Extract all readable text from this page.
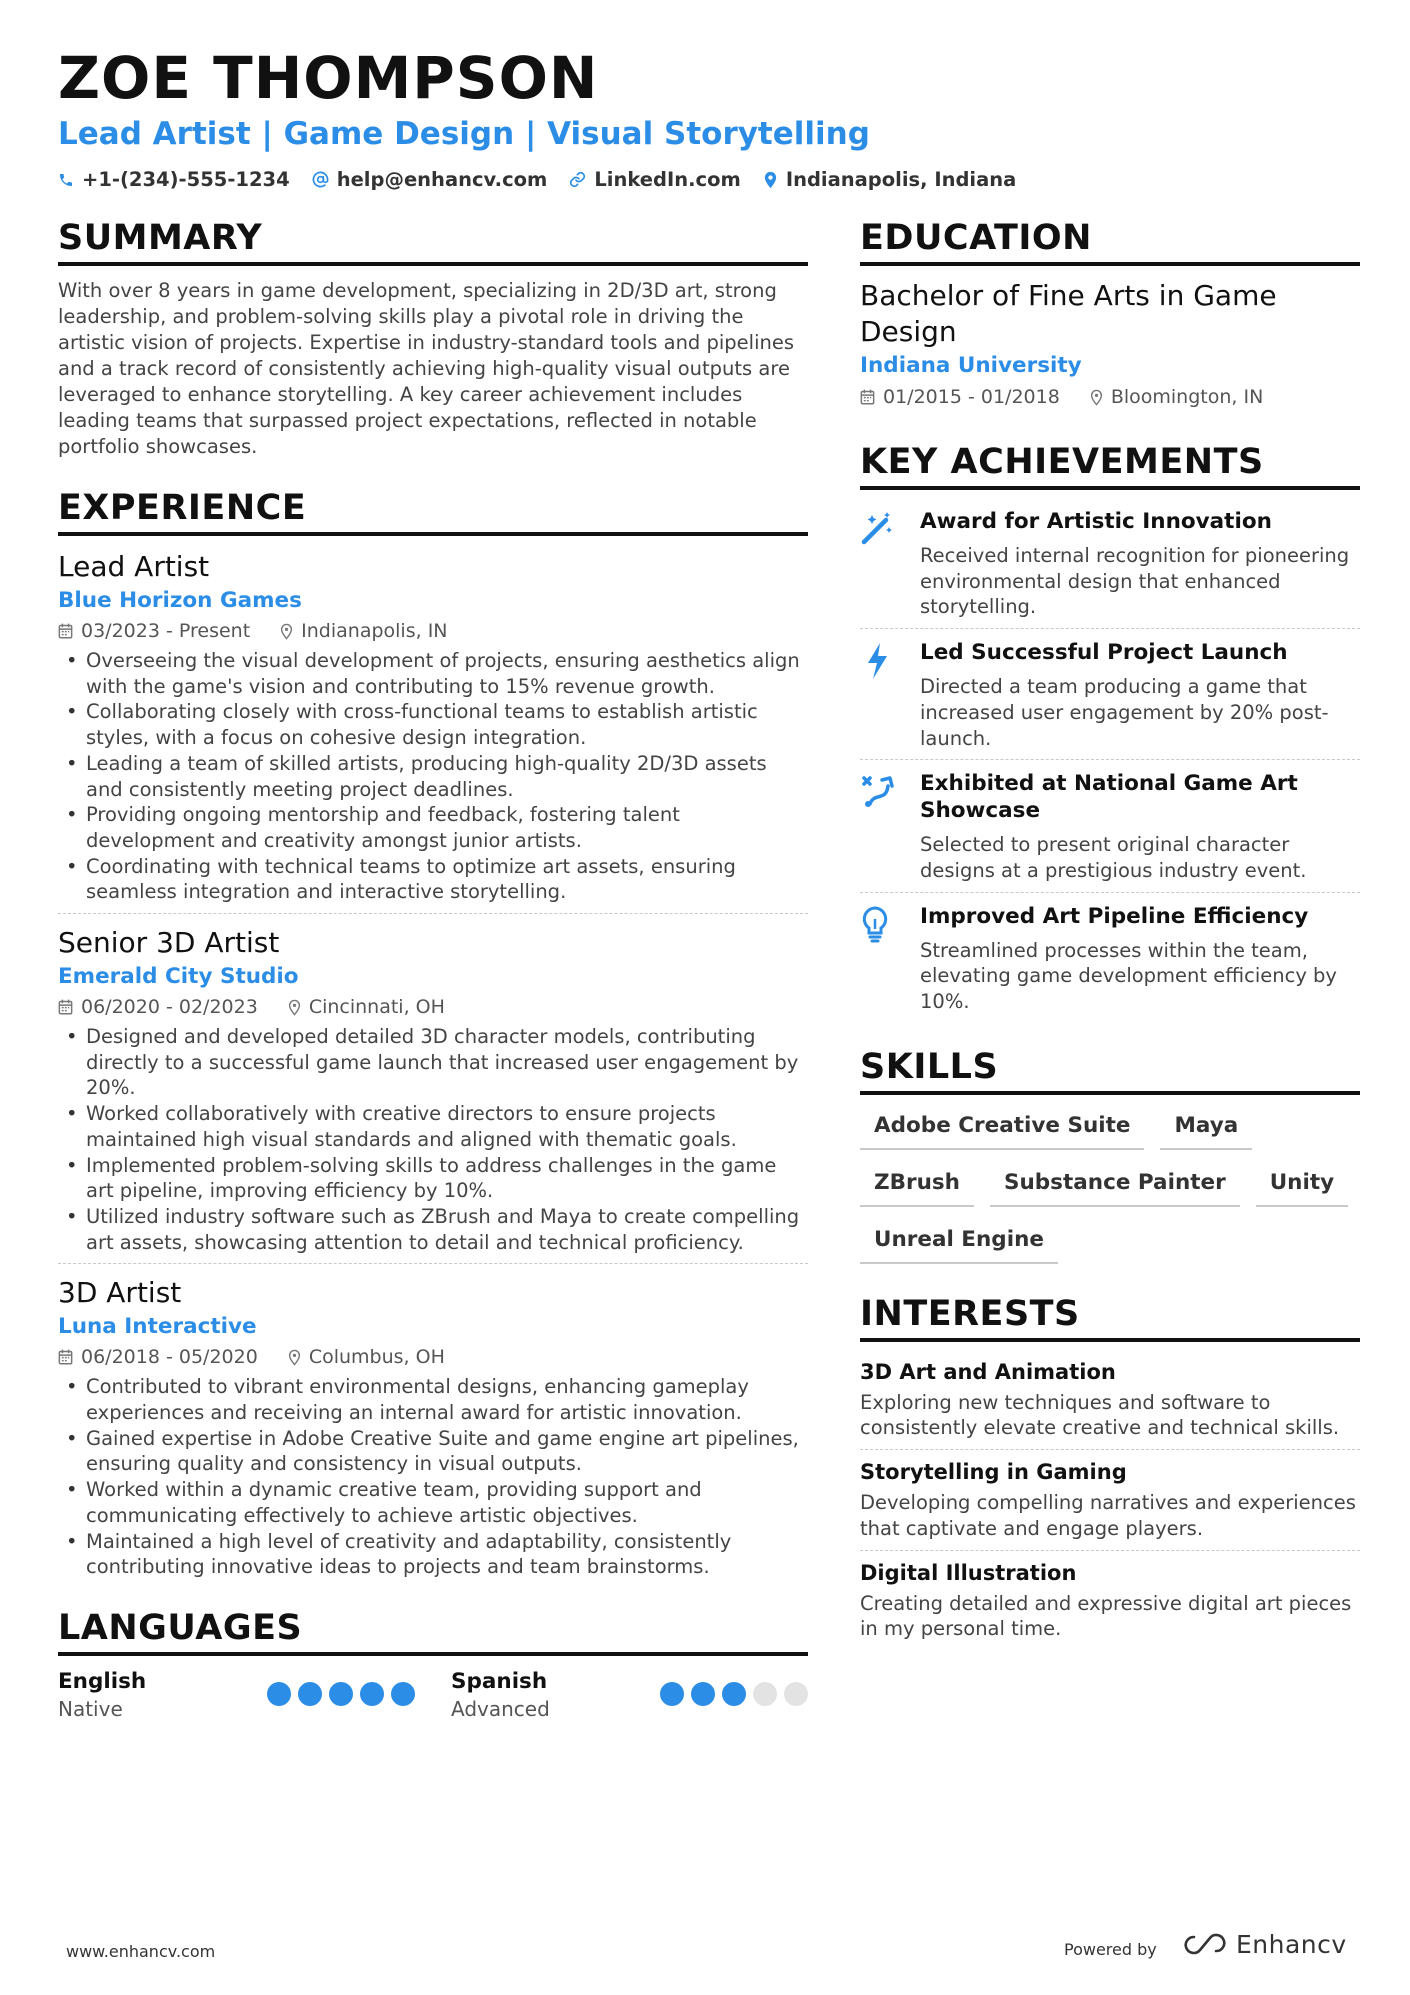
ZOE THOMPSON
Lead Artist | Game Design | Visual Storytelling
+1-(234)-555-1234 help@enhancv.com LinkedIn.com Indianapolis, Indiana
SUMMARY
With over 8 years in game development, specializing in 2D/3D art, strong leadership, and problem-solving skills play a pivotal role in driving the artistic vision of projects. Expertise in industry-standard tools and pipelines and a track record of consistently achieving high-quality visual outputs are leveraged to enhance storytelling. A key career achievement includes leading teams that surpassed project expectations, reflected in notable portfolio showcases.
EXPERIENCE
Lead Artist
Blue Horizon Games
03/2023 - Present	Indianapolis, IN
• Overseeing the visual development of projects, ensuring aesthetics align with the game's vision and contributing to 15% revenue growth.
• Collaborating closely with cross-functional teams to establish artistic styles, with a focus on cohesive design integration.
• Leading a team of skilled artists, producing high-quality 2D/3D assets and consistently meeting project deadlines.
• Providing ongoing mentorship and feedback, fostering talent development and creativity amongst junior artists.
• Coordinating with technical teams to optimize art assets, ensuring seamless integration and interactive storytelling.
Senior 3D Artist
Emerald City Studio
06/2020 - 02/2023	Cincinnati, OH
• Designed and developed detailed 3D character models, contributing directly to a successful game launch that increased user engagement by 20%.
• Worked collaboratively with creative directors to ensure projects maintained high visual standards and aligned with thematic goals.
• Implemented problem-solving skills to address challenges in the game art pipeline, improving efficiency by 10%.
• Utilized industry software such as ZBrush and Maya to create compelling art assets, showcasing attention to detail and technical proficiency.
3D Artist
Luna Interactive
06/2018 - 05/2020	Columbus, OH
• Contributed to vibrant environmental designs, enhancing gameplay experiences and receiving an internal award for artistic innovation.
• Gained expertise in Adobe Creative Suite and game engine art pipelines, ensuring quality and consistency in visual outputs.
• Worked within a dynamic creative team, providing support and communicating effectively to achieve artistic objectives.
• Maintained a high level of creativity and adaptability, consistently contributing innovative ideas to projects and team brainstorms.
LANGUAGES
English
Native
Spanish
Advanced
EDUCATION
Bachelor of Fine Arts in Game Design
Indiana University
01/2015 - 01/2018	Bloomington, IN
KEY ACHIEVEMENTS
Award for Artistic Innovation
Received internal recognition for pioneering environmental design that enhanced storytelling.
Led Successful Project Launch
Directed a team producing a game that increased user engagement by 20% post-launch.
Exhibited at National Game Art Showcase
Selected to present original character designs at a prestigious industry event.
Improved Art Pipeline Efficiency
Streamlined processes within the team, elevating game development efficiency by 10%.
SKILLS
Adobe Creative Suite	Maya
ZBrush	Substance Painter	Unity
Unreal Engine
INTERESTS
3D Art and Animation
Exploring new techniques and software to consistently elevate creative and technical skills.
Storytelling in Gaming
Developing compelling narratives and experiences that captivate and engage players.
Digital Illustration
Creating detailed and expressive digital art pieces in my personal time.
www.enhancv.com	Powered by	Enhancv
